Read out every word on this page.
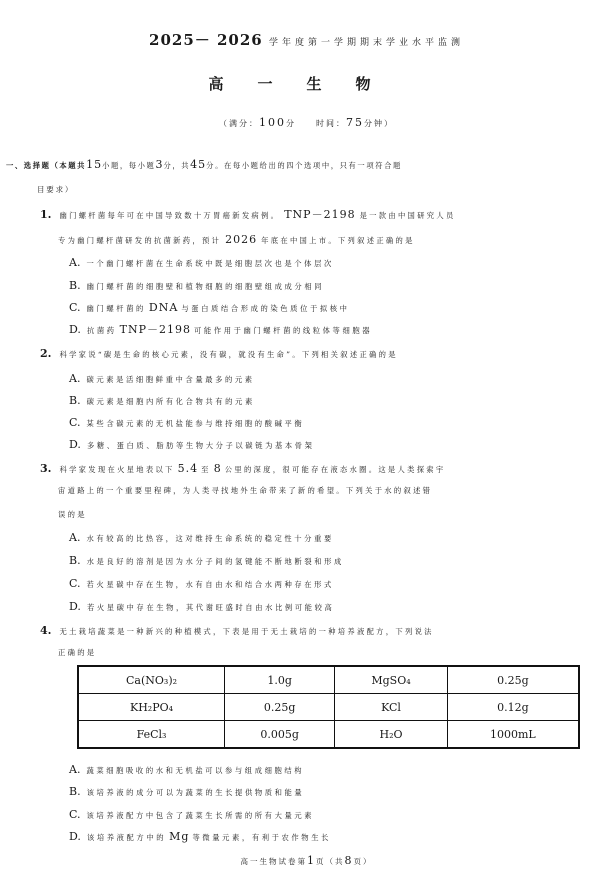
2025－ 2026 学年度第一学期期末学业水平监测
高一生物
（满分：100分　　时间：75分钟）
一、选择题（本题共15小题，每小题3分，共45分。在每小题给出的四个选项中，只有一项符合题
目要求）
1. 幽门螺杆菌每年可在中国导致数十万胃癌新发病例。 TNP－2198 是一款由中国研究人员
专为幽门螺杆菌研发的抗菌新药，预计 2026 年底在中国上市。下列叙述正确的是
A. 一个幽门螺杆菌在生命系统中既是细胞层次也是个体层次
B. 幽门螺杆菌的细胞壁和植物细胞的细胞壁组成成分相同
C. 幽门螺杆菌的 DNA 与蛋白质结合形成的染色质位于拟核中
D. 抗菌药 TNP－2198 可能作用于幽门螺杆菌的线粒体等细胞器
2. 科学家说“碳是生命的核心元素，没有碳，就没有生命”。下列相关叙述正确的是
A. 碳元素是活细胞鲜重中含量最多的元素
B. 碳元素是细胞内所有化合物共有的元素
C. 某些含碳元素的无机盐能参与维持细胞的酸碱平衡
D. 多糖、蛋白质、脂肪等生物大分子以碳链为基本骨架
3. 科学家发现在火星地表以下 5.4 至 8 公里的深度，很可能存在液态水圈。这是人类探索宇
宙道路上的一个重要里程碑，为人类寻找地外生命带来了新的希望。下列关于水的叙述错
误的是
A. 水有较高的比热容，这对维持生命系统的稳定性十分重要
B. 水是良好的溶剂是因为水分子间的氢键能不断地断裂和形成
C. 若火星碳中存在生物，水有自由水和结合水两种存在形式
D. 若火星碳中存在生物，其代谢旺盛时自由水比例可能较高
4. 无土栽培蔬菜是一种新兴的种植模式，下表是用于无土栽培的一种培养液配方，下列说法
正确的是
Ca(NO₃)₂	1.0g	MgSO₄	0.25g
KH₂PO₄	0.25g	KCl	0.12g
FeCl₃	0.005g	H₂O	1000mL
A. 蔬菜细胞吸收的水和无机盐可以参与组成细胞结构
B. 该培养液的成分可以为蔬菜的生长提供物质和能量
C. 该培养液配方中包含了蔬菜生长所需的所有大量元素
D. 该培养液配方中的 Mg 等微量元素，有利于农作物生长
高一生物试卷第1页（共8页）
